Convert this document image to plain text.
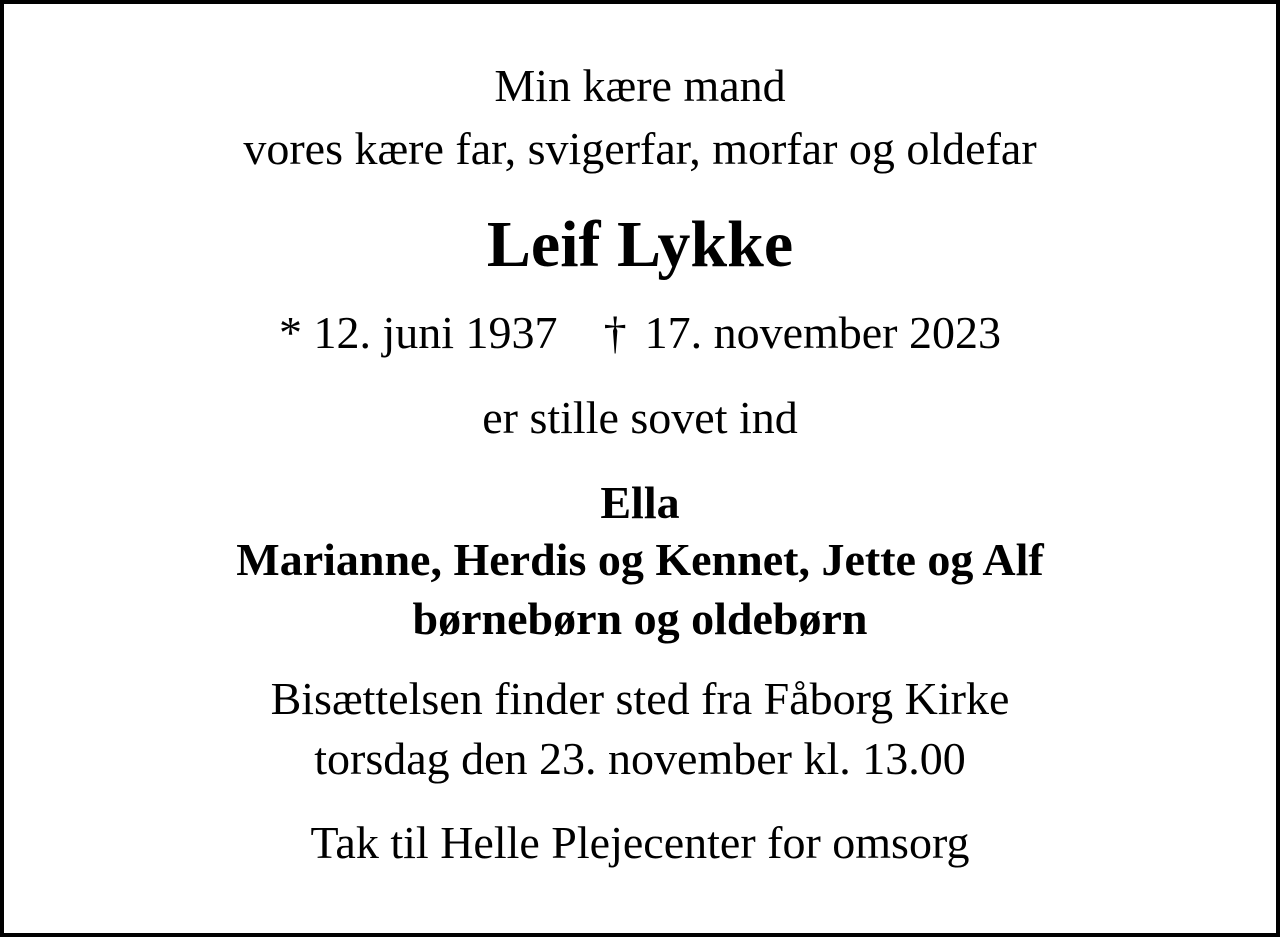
Min kære mand
vores kære far, svigerfar, morfar og oldefar
Leif Lykke
* 12. juni 1937 † 17. november 2023
er stille sovet ind
Ella
Marianne, Herdis og Kennet, Jette og Alf
børnebørn og oldebørn
Bisættelsen finder sted fra Fåborg Kirke
torsdag den 23. november kl. 13.00
Tak til Helle Plejecenter for omsorg
